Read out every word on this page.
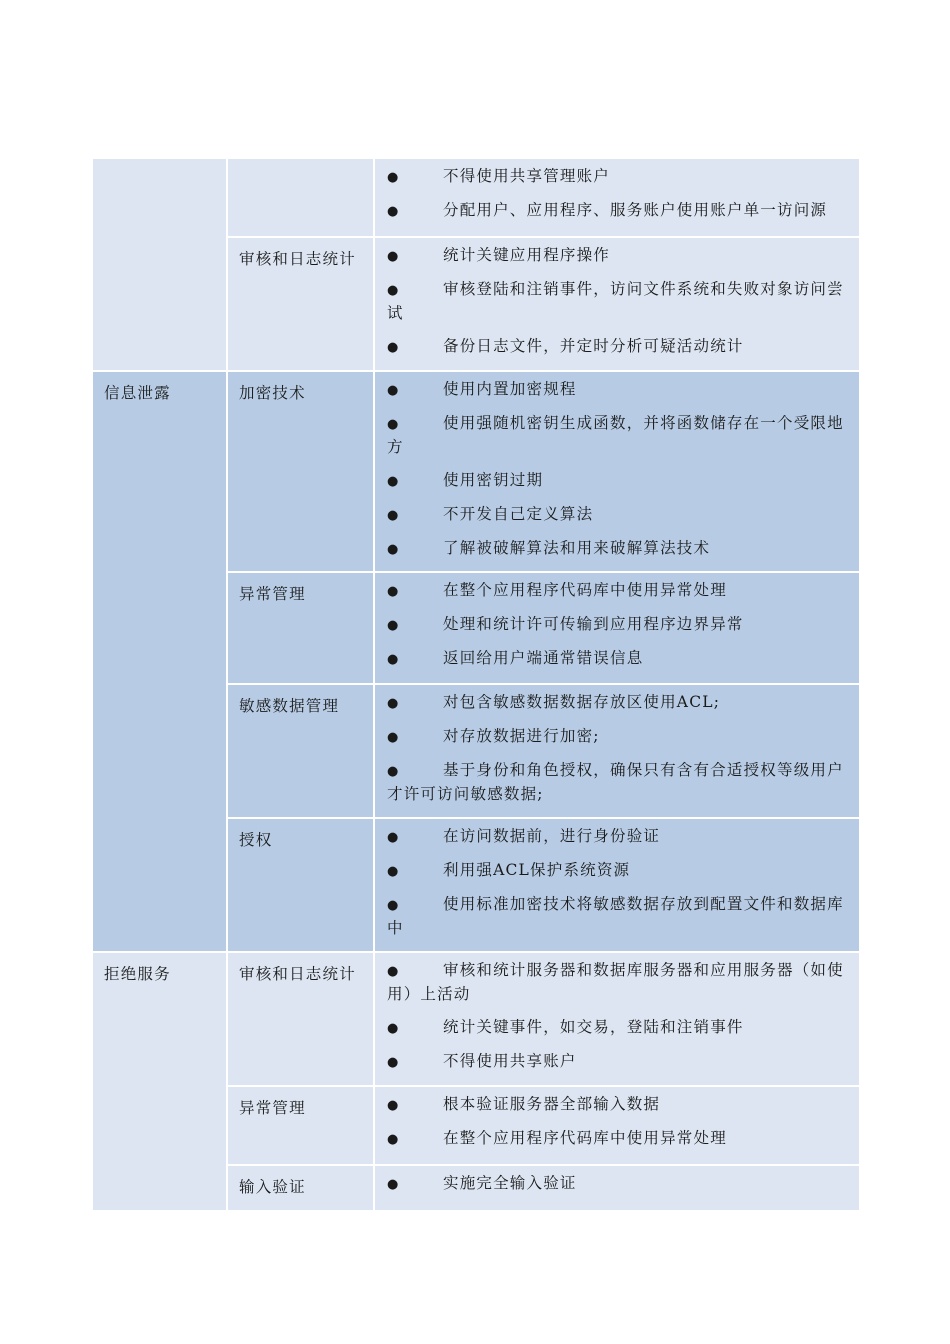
		● 不得使用共享管理账户

● 分配用户、应用程序、服务账户使用账户单一访问源

	审核和日志统计	● 统计关键应用程序操作

● 审核登陆和注销事件，访问文件系统和失败对象访问尝试

● 备份日志文件，并定时分析可疑活动统计

信息泄露	加密技术	● 使用内置加密规程

● 使用强随机密钥生成函数，并将函数储存在一个受限地方

● 使用密钥过期

● 不开发自己定义算法

● 了解被破解算法和用来破解算法技术

	异常管理	● 在整个应用程序代码库中使用异常处理

● 处理和统计许可传输到应用程序边界异常

● 返回给用户端通常错误信息

	敏感数据管理	● 对包含敏感数据数据存放区使用ACL;

● 对存放数据进行加密;

● 基于身份和角色授权，确保只有含有合适授权等级用户才许可访问敏感数据;

	授权	● 在访问数据前，进行身份验证

● 利用强ACL保护系统资源

● 使用标准加密技术将敏感数据存放到配置文件和数据库中

拒绝服务	审核和日志统计	● 审核和统计服务器和数据库服务器和应用服务器（如使用）上活动

● 统计关键事件，如交易，登陆和注销事件

● 不得使用共享账户

	异常管理	● 根本验证服务器全部输入数据

● 在整个应用程序代码库中使用异常处理

	输入验证	● 实施完全输入验证
